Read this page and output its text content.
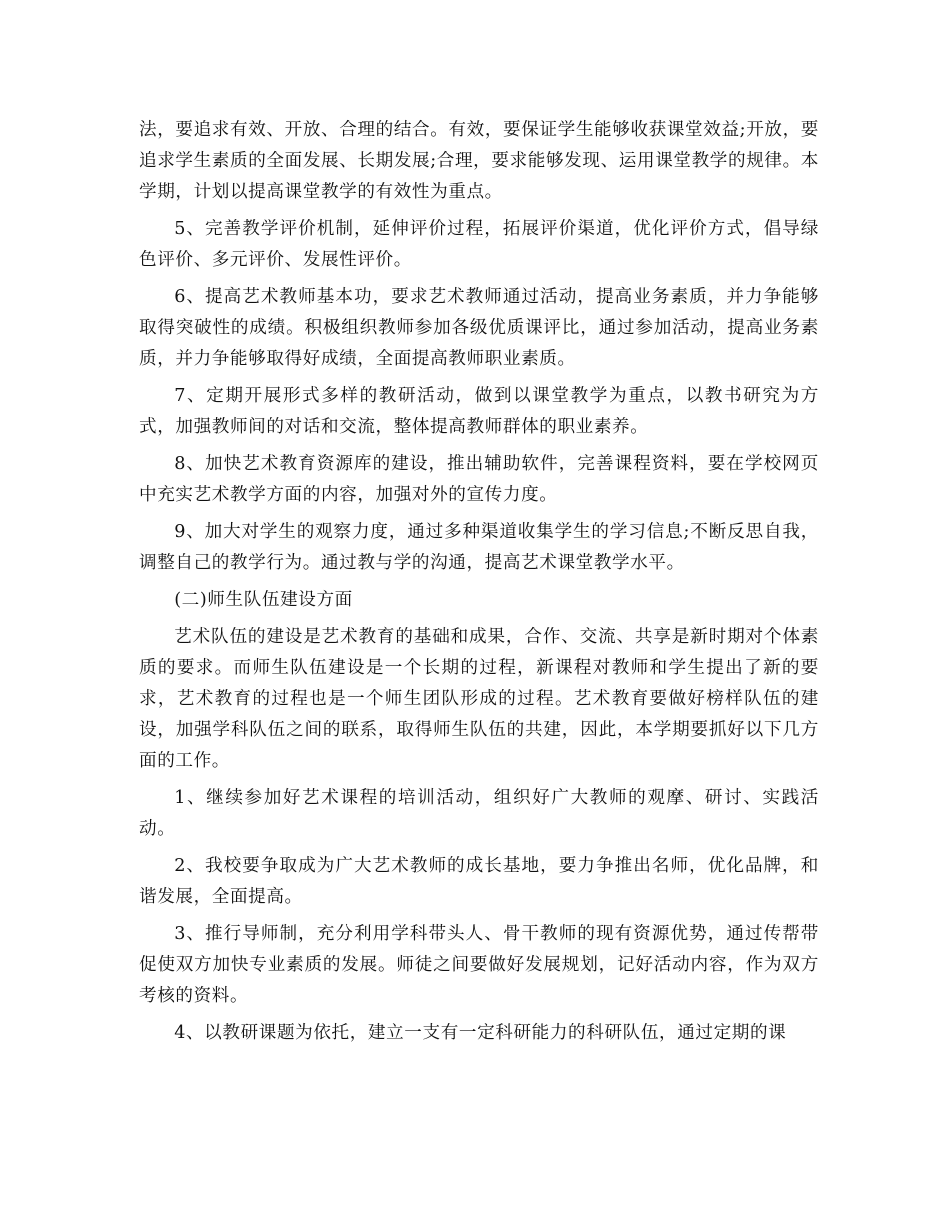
法，要追求有效、开放、合理的结合。有效，要保证学生能够收获课堂效益;开放，要追求学生素质的全面发展、长期发展;合理，要求能够发现、运用课堂教学的规律。本学期，计划以提高课堂教学的有效性为重点。

5、完善教学评价机制，延伸评价过程，拓展评价渠道，优化评价方式，倡导绿色评价、多元评价、发展性评价。

6、提高艺术教师基本功，要求艺术教师通过活动，提高业务素质，并力争能够取得突破性的成绩。积极组织教师参加各级优质课评比，通过参加活动，提高业务素质，并力争能够取得好成绩，全面提高教师职业素质。

7、定期开展形式多样的教研活动，做到以课堂教学为重点，以教书研究为方式，加强教师间的对话和交流，整体提高教师群体的职业素养。

8、加快艺术教育资源库的建设，推出辅助软件，完善课程资料，要在学校网页中充实艺术教学方面的内容，加强对外的宣传力度。

9、加大对学生的观察力度，通过多种渠道收集学生的学习信息;不断反思自我，调整自己的教学行为。通过教与学的沟通，提高艺术课堂教学水平。

(二)师生队伍建设方面

艺术队伍的建设是艺术教育的基础和成果，合作、交流、共享是新时期对个体素质的要求。而师生队伍建设是一个长期的过程，新课程对教师和学生提出了新的要求，艺术教育的过程也是一个师生团队形成的过程。艺术教育要做好榜样队伍的建设，加强学科队伍之间的联系，取得师生队伍的共建，因此，本学期要抓好以下几方面的工作。

1、继续参加好艺术课程的培训活动，组织好广大教师的观摩、研讨、实践活动。

2、我校要争取成为广大艺术教师的成长基地，要力争推出名师，优化品牌，和谐发展，全面提高。

3、推行导师制，充分利用学科带头人、骨干教师的现有资源优势，通过传帮带促使双方加快专业素质的发展。师徒之间要做好发展规划，记好活动内容，作为双方考核的资料。

4、以教研课题为依托，建立一支有一定科研能力的科研队伍，通过定期的课
